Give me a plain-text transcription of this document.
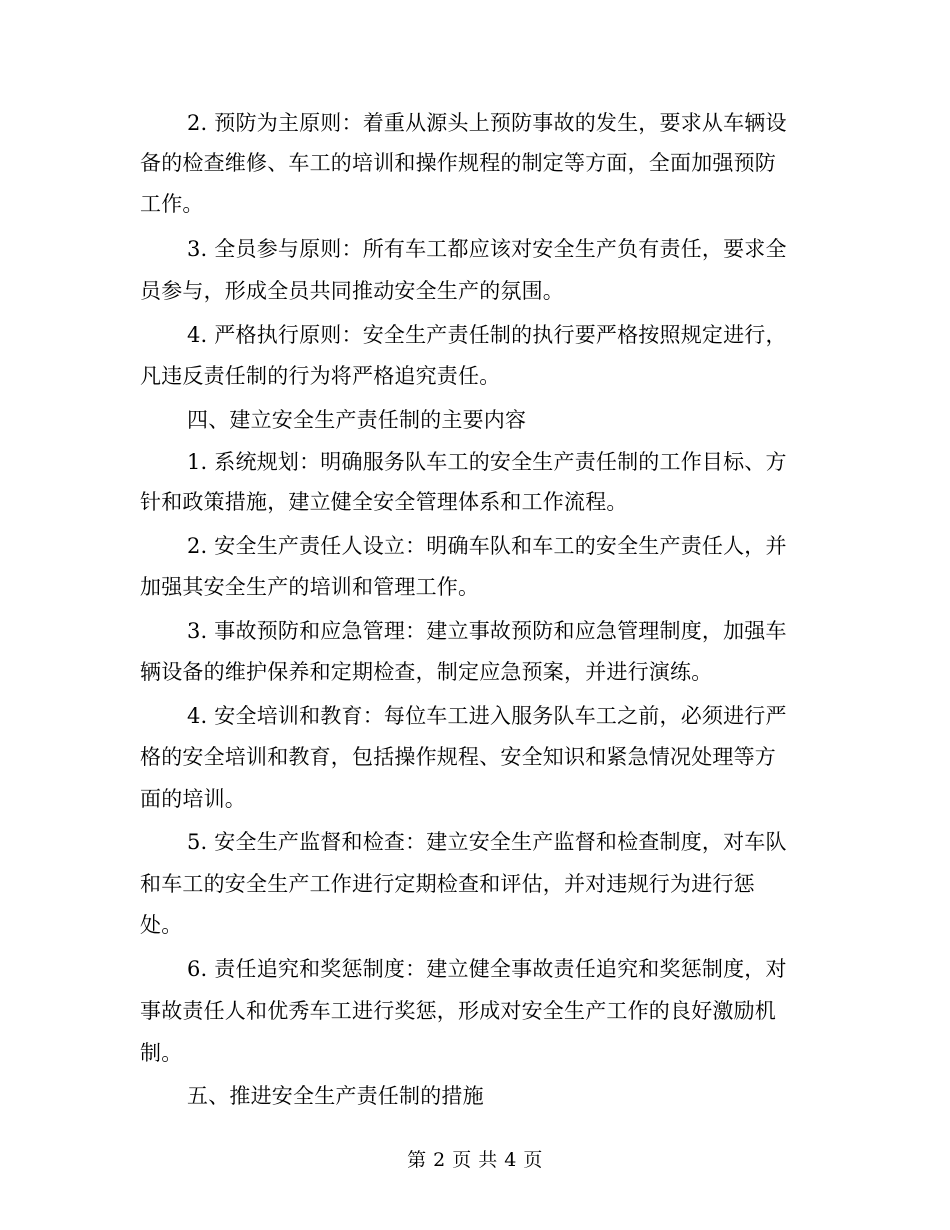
2. 预防为主原则：着重从源头上预防事故的发生，要求从车辆设
备的检查维修、车工的培训和操作规程的制定等方面，全面加强预防
工作。
3. 全员参与原则：所有车工都应该对安全生产负有责任，要求全
员参与，形成全员共同推动安全生产的氛围。
4. 严格执行原则：安全生产责任制的执行要严格按照规定进行，
凡违反责任制的行为将严格追究责任。
四、建立安全生产责任制的主要内容
1. 系统规划：明确服务队车工的安全生产责任制的工作目标、方
针和政策措施，建立健全安全管理体系和工作流程。
2. 安全生产责任人设立：明确车队和车工的安全生产责任人，并
加强其安全生产的培训和管理工作。
3. 事故预防和应急管理：建立事故预防和应急管理制度，加强车
辆设备的维护保养和定期检查，制定应急预案，并进行演练。
4. 安全培训和教育：每位车工进入服务队车工之前，必须进行严
格的安全培训和教育，包括操作规程、安全知识和紧急情况处理等方
面的培训。
5. 安全生产监督和检查：建立安全生产监督和检查制度，对车队
和车工的安全生产工作进行定期检查和评估，并对违规行为进行惩
处。
6. 责任追究和奖惩制度：建立健全事故责任追究和奖惩制度，对
事故责任人和优秀车工进行奖惩，形成对安全生产工作的良好激励机
制。
五、推进安全生产责任制的措施
第 2 页 共 4 页
